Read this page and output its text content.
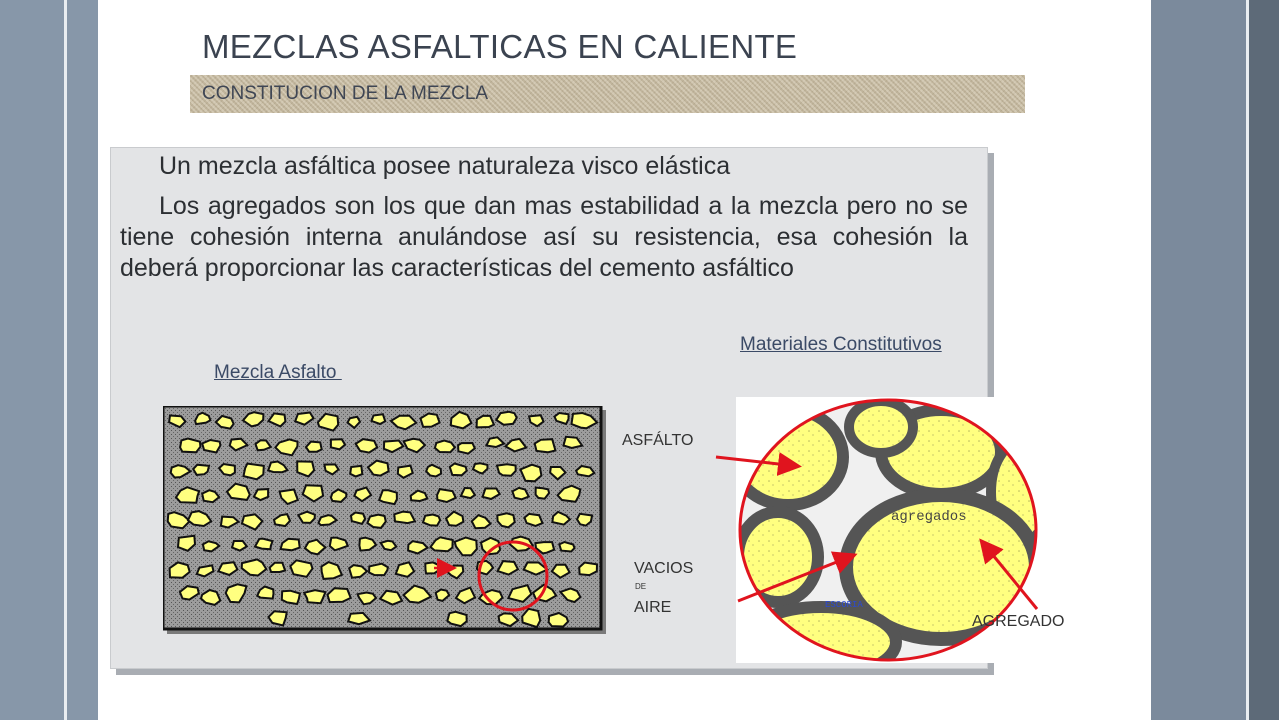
MEZCLAS ASFALTICAS EN CALIENTE
CONSTITUCION DE LA MEZCLA

Un mezcla asfáltica posee naturaleza visco elástica

Los agregados son los que dan mas estabilidad a la mezcla pero no se tiene cohesión interna anulándose así su resistencia, esa cohesión la deberá proporcionar las características del cemento asfáltico

Materiales Constitutivos
Mezcla Asfalto
ASFÁLTO
VACIOS
DE
AIRE
AGREGADO
agregados
ESCORIA
